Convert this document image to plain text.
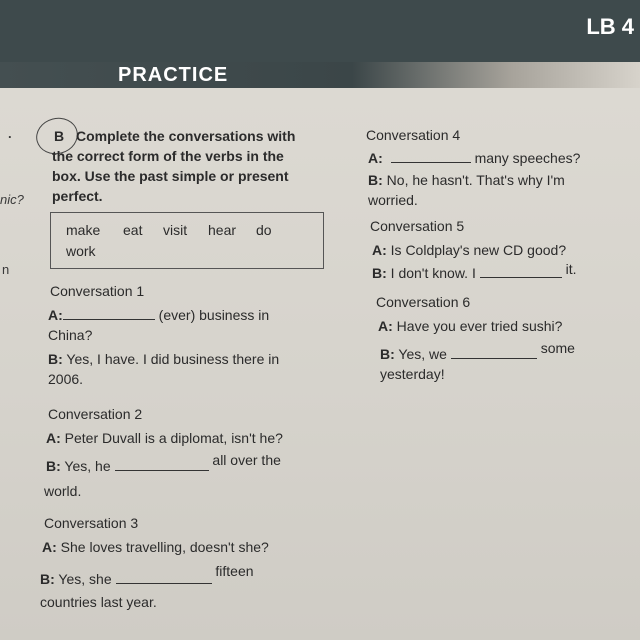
LB 4
PRACTICE
.
nic?
n
B Complete the conversations with
the correct form of the verbs in the
box. Use the past simple or present
perfect.
make eat visit hear do
work
Conversation 1
A:	(ever) business in
China?
B: Yes, I have. I did business there in
2006.
Conversation 2
A: Peter Duvall is a diplomat, isn't he?
B: Yes, he	all over the
world.
Conversation 3
A: She loves travelling, doesn't she?
B: Yes, she	fifteen
countries last year.
Conversation 4
A:	many speeches?
B: No, he hasn't. That's why I'm
worried.
Conversation 5
A: Is Coldplay's new CD good?
B: I don't know. I	it.
Conversation 6
A: Have you ever tried sushi?
B: Yes, we	some
yesterday!
